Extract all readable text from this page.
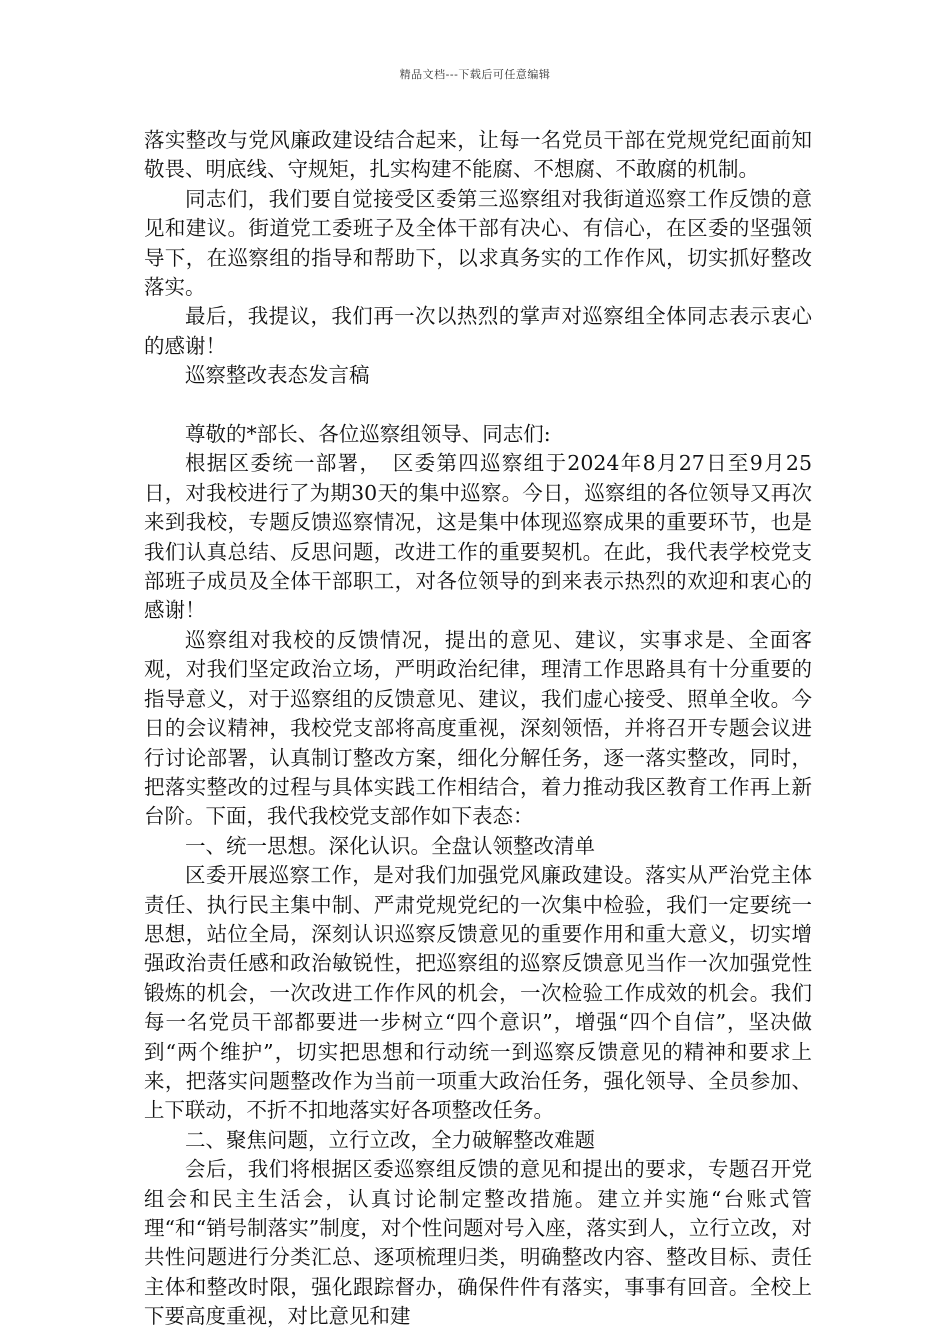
精品文档---下载后可任意编辑

落实整改与党风廉政建设结合起来，让每一名党员干部在党规党纪面前知敬畏、明底线、守规矩，扎实构建不能腐、不想腐、不敢腐的机制。

同志们，我们要自觉接受区委第三巡察组对我街道巡察工作反馈的意见和建议。街道党工委班子及全体干部有决心、有信心，在区委的坚强领导下，在巡察组的指导和帮助下，以求真务实的工作作风，切实抓好整改落实。

最后，我提议，我们再一次以热烈的掌声对巡察组全体同志表示衷心的感谢！

巡察整改表态发言稿

尊敬的*部长、各位巡察组领导、同志们:

根据区委统一部署，　区委第四巡察组于2024年8月27日至9月25日，对我校进行了为期30天的集中巡察。今日，巡察组的各位领导又再次来到我校，专题反馈巡察情况，这是集中体现巡察成果的重要环节，也是我们认真总结、反思问题，改进工作的重要契机。在此，我代表学校党支部班子成员及全体干部职工，对各位领导的到来表示热烈的欢迎和衷心的感谢！

巡察组对我校的反馈情况，提出的意见、建议，实事求是、全面客观，对我们坚定政治立场，严明政治纪律，理清工作思路具有十分重要的指导意义，对于巡察组的反馈意见、建议，我们虚心接受、照单全收。今日的会议精神，我校党支部将高度重视，深刻领悟，并将召开专题会议进行讨论部署，认真制订整改方案，细化分解任务，逐一落实整改，同时，把落实整改的过程与具体实践工作相结合，着力推动我区教育工作再上新台阶。下面，我代我校党支部作如下表态：

一、统一思想。深化认识。全盘认领整改清单

区委开展巡察工作，是对我们加强党风廉政建设。落实从严治党主体责任、执行民主集中制、严肃党规党纪的一次集中检验，我们一定要统一思想，站位全局，深刻认识巡察反馈意见的重要作用和重大意义，切实增强政治责任感和政治敏锐性，把巡察组的巡察反馈意见当作一次加强党性锻炼的机会，一次改进工作作风的机会，一次检验工作成效的机会。我们每一名党员干部都要进一步树立“四个意识”，增强“四个自信”，坚决做到“两个维护”，切实把思想和行动统一到巡察反馈意见的精神和要求上来，把落实问题整改作为当前一项重大政治任务，强化领导、全员参加、上下联动，不折不扣地落实好各项整改任务。

二、聚焦问题，立行立改，全力破解整改难题

会后，我们将根据区委巡察组反馈的意见和提出的要求，专题召开党组会和民主生活会，认真讨论制定整改措施。建立并实施“台账式管理“和“销号制落实”制度，对个性问题对号入座，落实到人，立行立改，对共性问题进行分类汇总、逐项梳理归类，明确整改内容、整改目标、责任主体和整改时限，强化跟踪督办，确保件件有落实，事事有回音。全校上下要高度重视，对比意见和建
